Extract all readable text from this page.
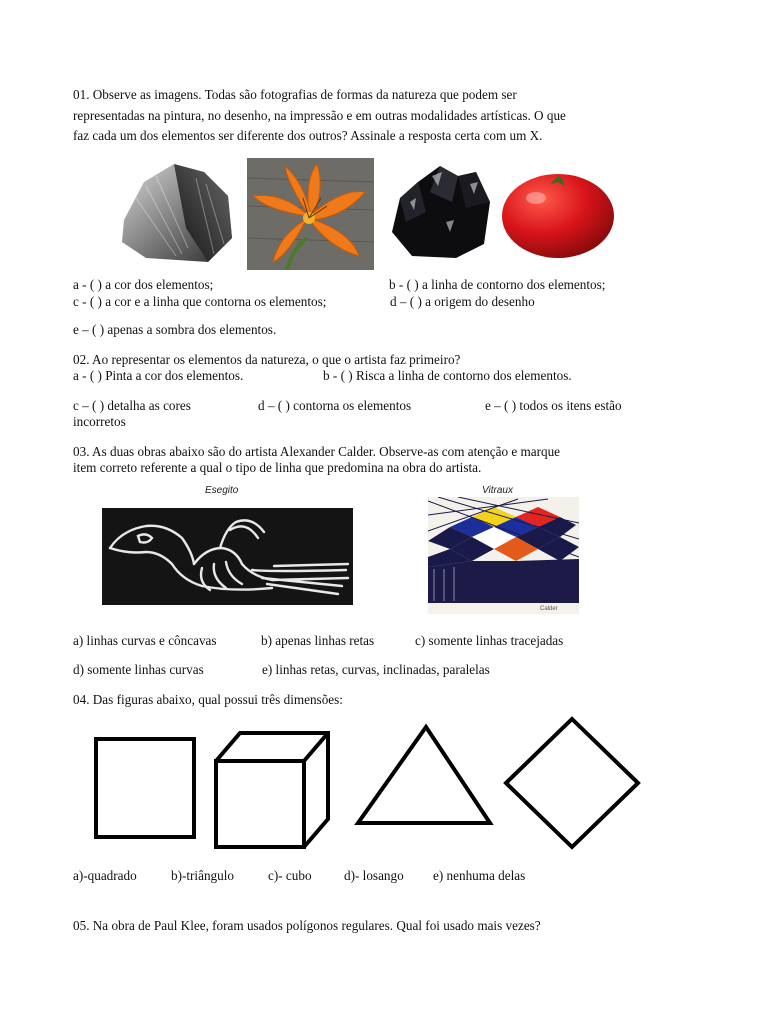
01. Observe as imagens. Todas são fotografias de formas da natureza que podem ser
representadas na pintura, no desenho, na impressão e em outras modalidades artísticas. O que
faz cada um dos elementos ser diferente dos outros? Assinale a resposta certa com um X.
a - ( ) a cor dos elementos;	b - ( ) a linha de contorno dos elementos;
c - ( ) a cor e a linha que contorna os elementos;	d – ( ) a origem do desenho
e – ( ) apenas a sombra dos elementos.
02. Ao representar os elementos da natureza, o que o artista faz primeiro?
a - ( ) Pinta a cor dos elementos.	b - ( ) Risca a linha de contorno dos elementos.
c – ( ) detalha as cores	d – ( ) contorna os elementos	e – ( ) todos os itens estão
incorretos
03. As duas obras abaixo são do artista Alexander Calder. Observe-as com atenção e marque
item correto referente a qual o tipo de linha que predomina na obra do artista.
Esegito	Vitraux
Calder
a) linhas curvas e côncavas	b) apenas linhas retas	c) somente linhas tracejadas
d) somente linhas curvas	e) linhas retas, curvas, inclinadas, paralelas
04. Das figuras abaixo, qual possui três dimensões:
a)-quadrado	b)-triângulo	c)- cubo d)- losango e) nenhuma delas
05. Na obra de Paul Klee, foram usados polígonos regulares. Qual foi usado mais vezes?
